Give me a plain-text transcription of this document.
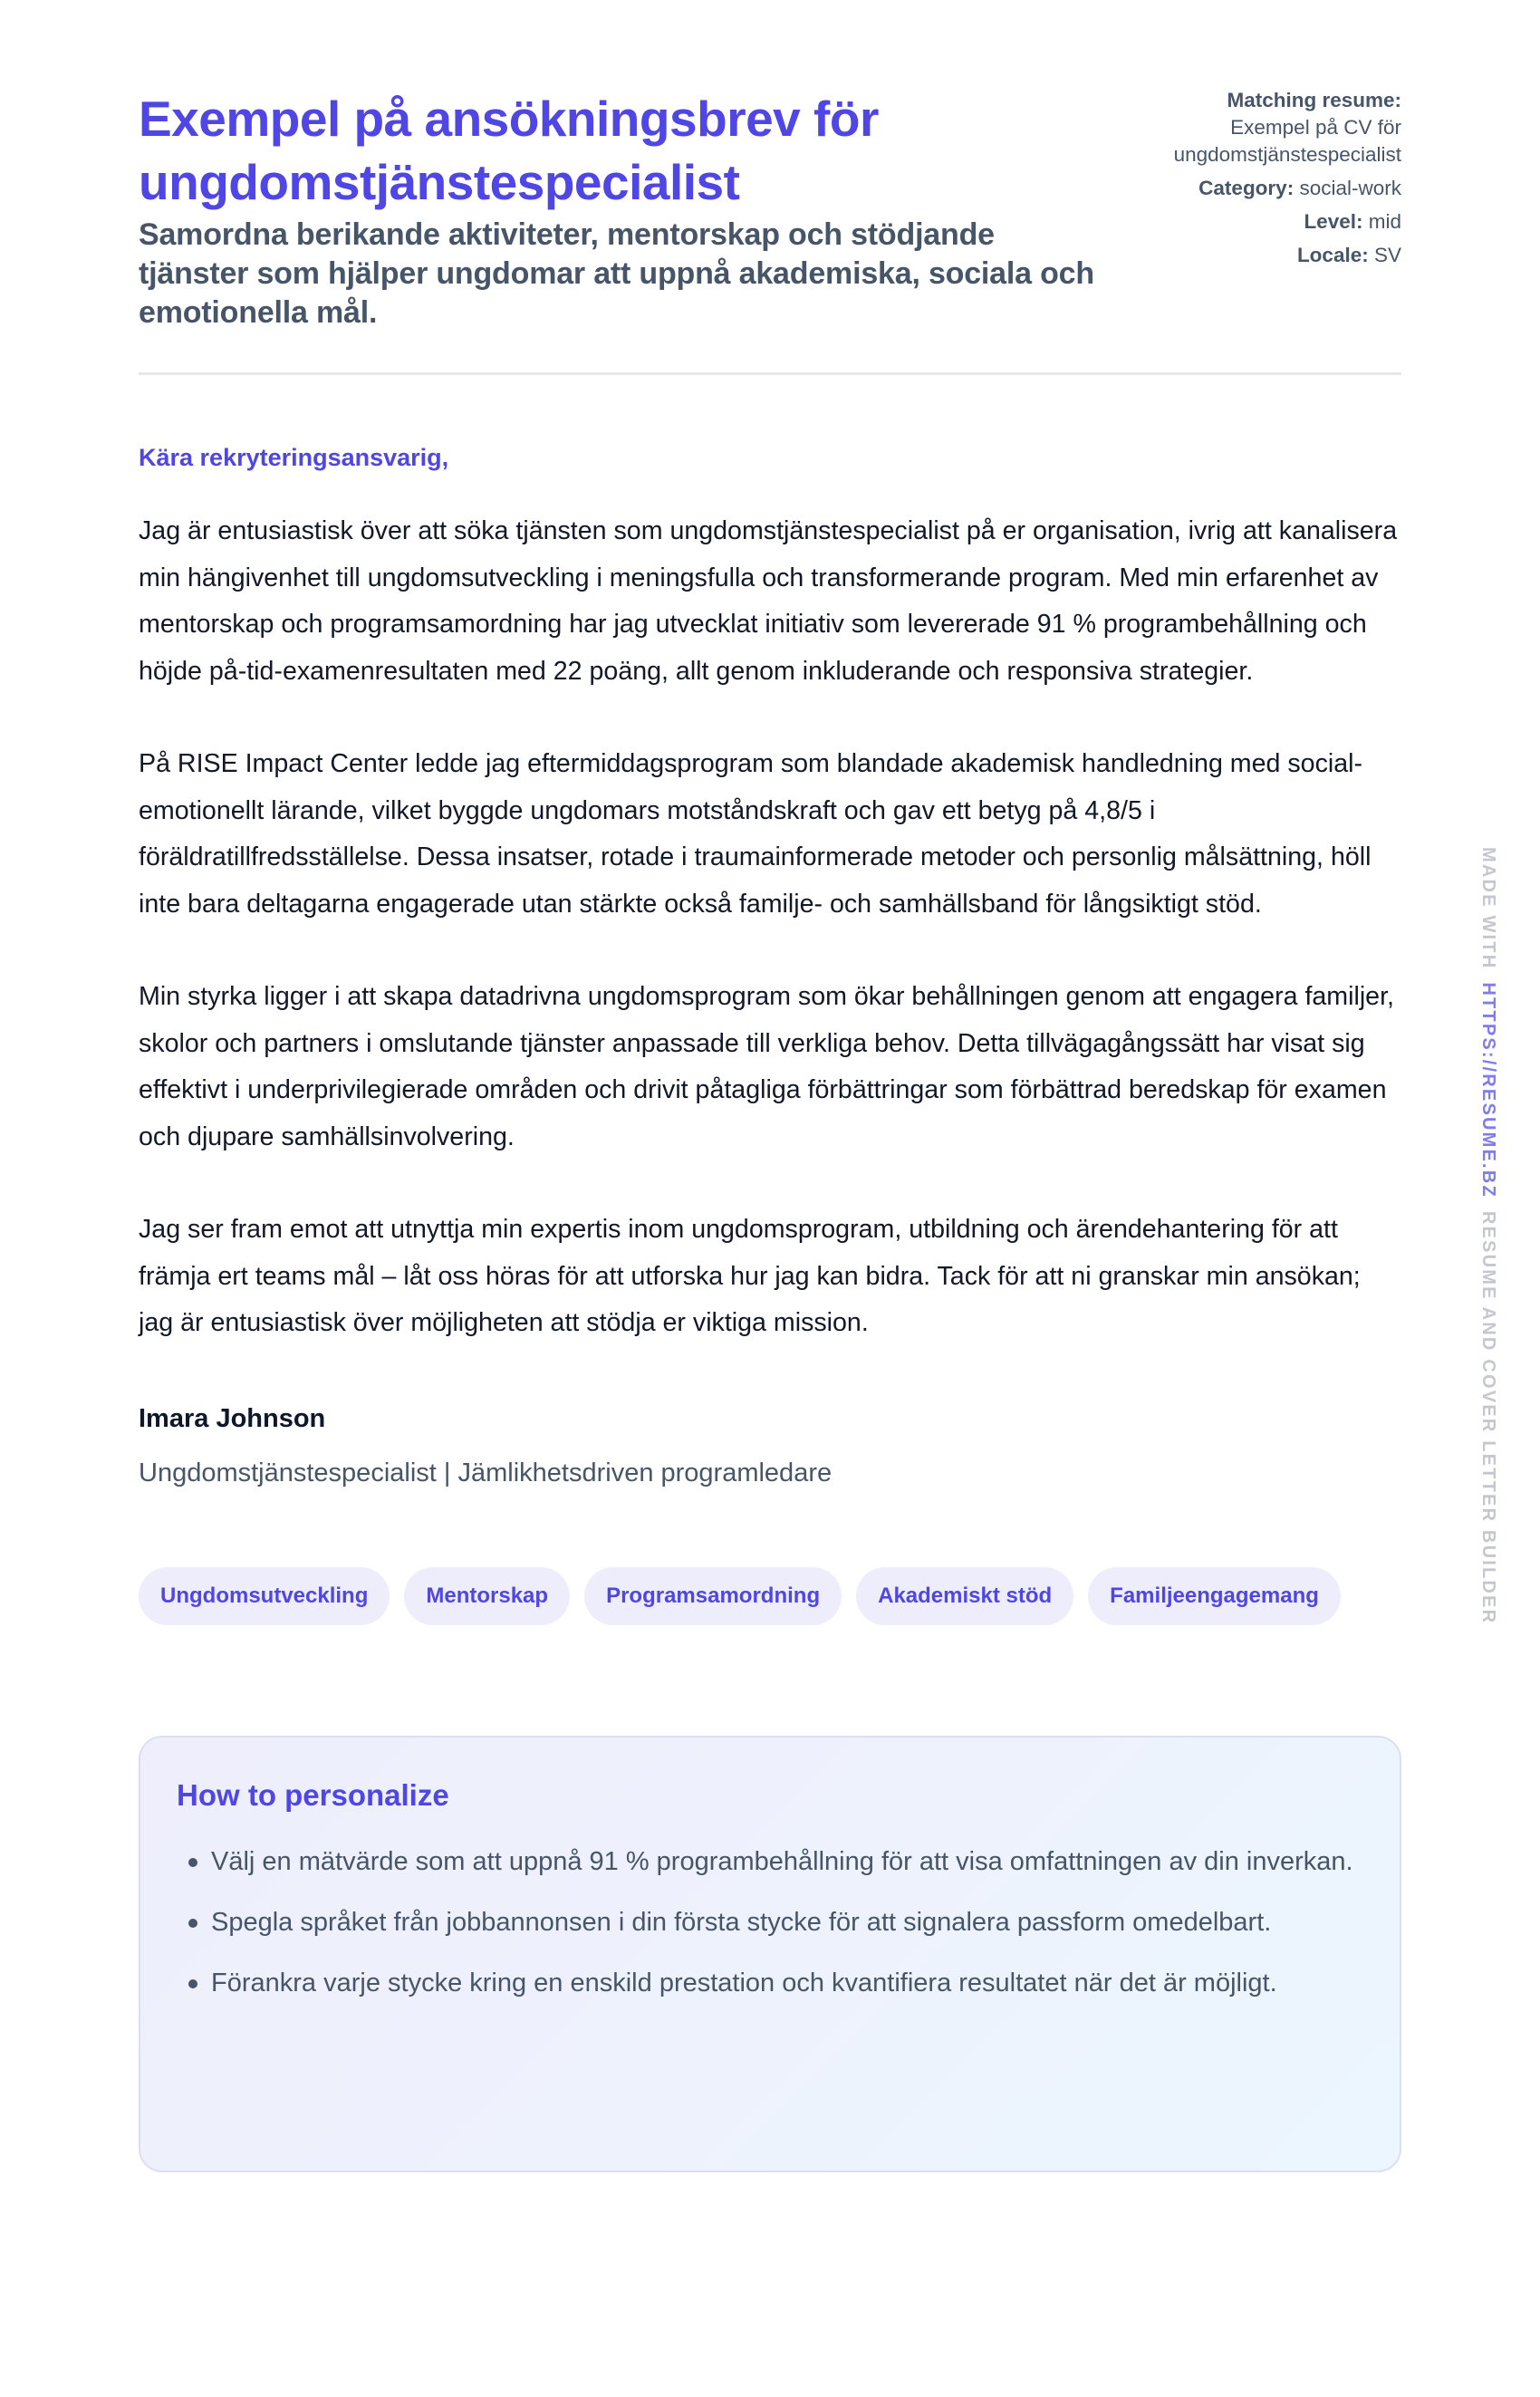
Exempel på ansökningsbrev för ungdomstjänstespecialist

Samordna berikande aktiviteter, mentorskap och stödjande tjänster som hjälper ungdomar att uppnå akademiska, sociala och emotionella mål.

Matching resume:
Exempel på CV för ungdomstjänstespecialist
Category: social-work
Level: mid
Locale: SV

Kära rekryteringsansvarig,

Jag är entusiastisk över att söka tjänsten som ungdomstjänstespecialist på er organisation, ivrig att kanalisera min hängivenhet till ungdomsutveckling i meningsfulla och transformerande program. Med min erfarenhet av mentorskap och programsamordning har jag utvecklat initiativ som levererade 91 % programbehållning och höjde på-tid-examenresultaten med 22 poäng, allt genom inkluderande och responsiva strategier.

På RISE Impact Center ledde jag eftermiddagsprogram som blandade akademisk handledning med social-emotionellt lärande, vilket byggde ungdomars motståndskraft och gav ett betyg på 4,8/5 i föräldratillfredsställelse. Dessa insatser, rotade i traumainformerade metoder och personlig målsättning, höll inte bara deltagarna engagerade utan stärkte också familje- och samhällsband för långsiktigt stöd.

Min styrka ligger i att skapa datadrivna ungdomsprogram som ökar behållningen genom att engagera familjer, skolor och partners i omslutande tjänster anpassade till verkliga behov. Detta tillvägagångssätt har visat sig effektivt i underprivilegierade områden och drivit påtagliga förbättringar som förbättrad beredskap för examen och djupare samhällsinvolvering.

Jag ser fram emot att utnyttja min expertis inom ungdomsprogram, utbildning och ärendehantering för att främja ert teams mål – låt oss höras för att utforska hur jag kan bidra. Tack för att ni granskar min ansökan; jag är entusiastisk över möjligheten att stödja er viktiga mission.

Imara Johnson

Ungdomstjänstespecialist | Jämlikhetsdriven programledare

Ungdomsutveckling	Mentorskap	Programsamordning	Akademiskt stöd	Familjeengagemang
How to personalize
Välj en mätvärde som att uppnå 91 % programbehållning för att visa omfattningen av din inverkan.
Spegla språket från jobbannonsen i din första stycke för att signalera passform omedelbart.
Förankra varje stycke kring en enskild prestation och kvantifiera resultatet när det är möjligt.
MADE WITHHTTPS://RESUME.BZRESUME AND COVER LETTER BUILDER
